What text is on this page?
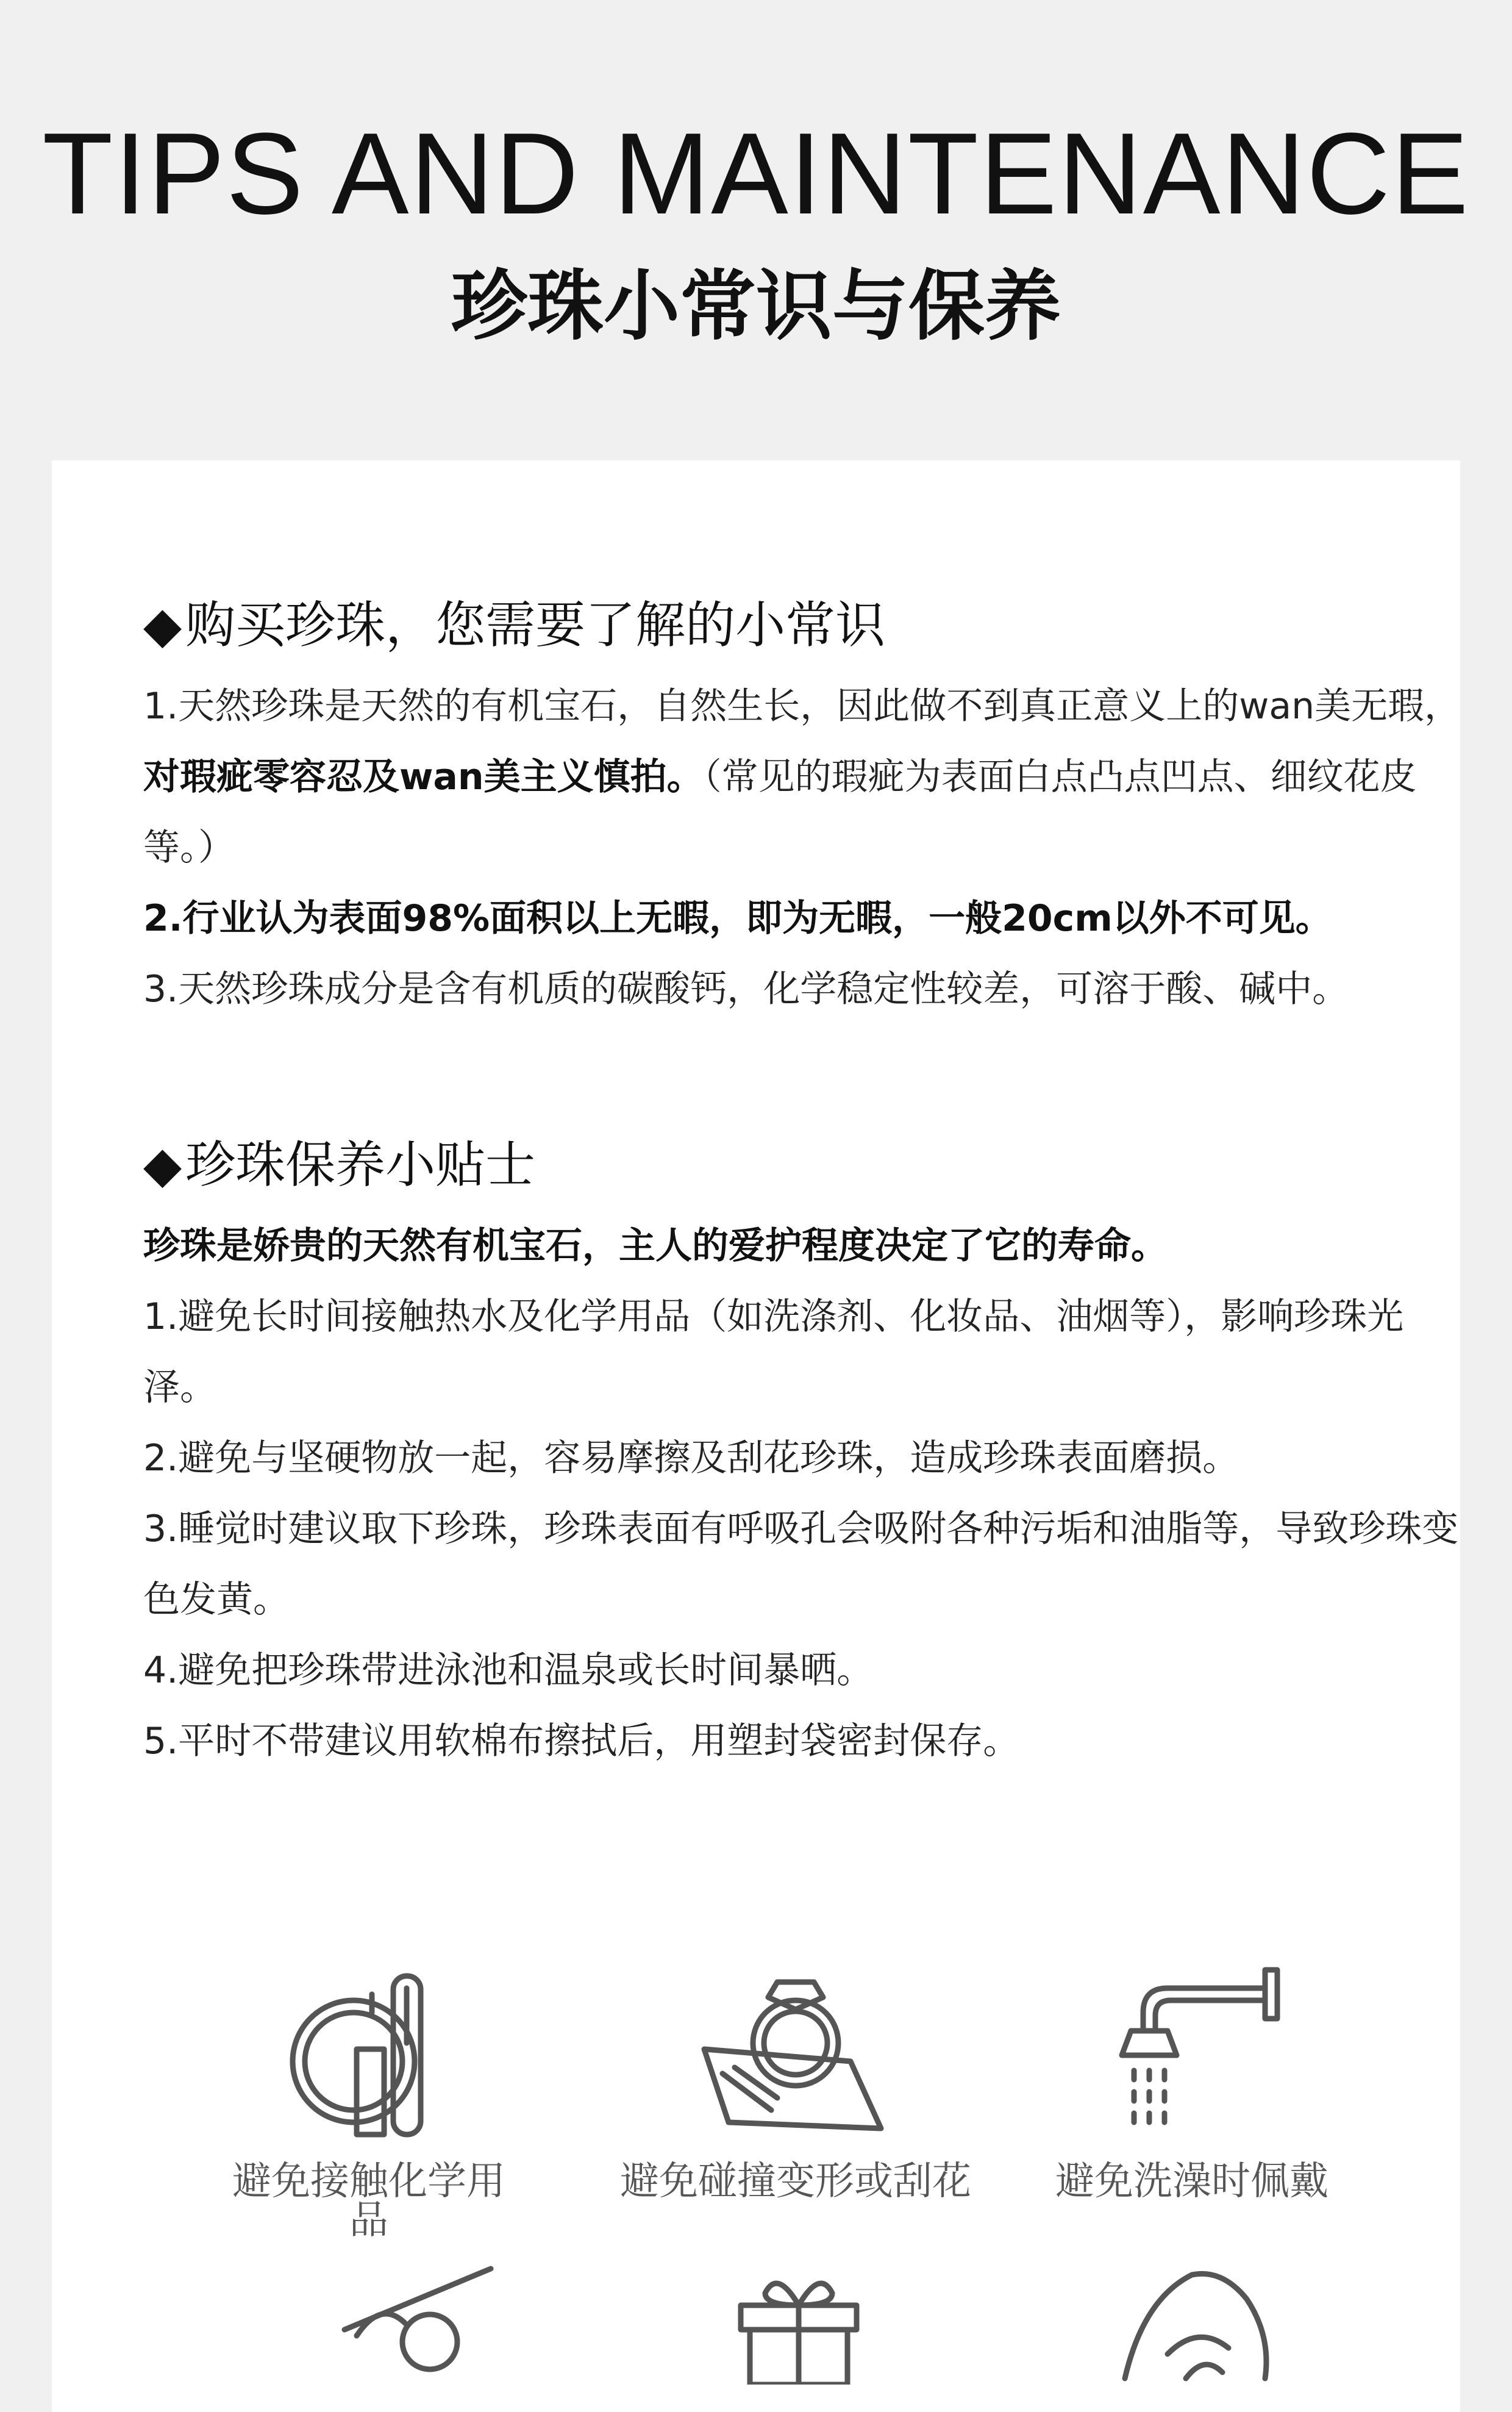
TIPS AND MAINTENANCE
珍珠小常识与保养
◆购买珍珠，您需要了解的小常识

1.天然珍珠是天然的有机宝石，自然生长，因此做不到真正意义上的wan美无瑕，对瑕疵零容忍及wan美主义慎拍。（常见的瑕疵为表面白点凸点凹点、细纹花皮等。）

2.行业认为表面98%面积以上无暇，即为无暇，一般20cm以外不可见。

3.天然珍珠成分是含有机质的碳酸钙，化学稳定性较差，可溶于酸、碱中。

◆珍珠保养小贴士

珍珠是娇贵的天然有机宝石，主人的爱护程度决定了它的寿命。

1.避免长时间接触热水及化学用品（如洗涤剂、化妆品、油烟等），影响珍珠光泽。

2.避免与坚硬物放一起，容易摩擦及刮花珍珠，造成珍珠表面磨损。

3.睡觉时建议取下珍珠，珍珠表面有呼吸孔会吸附各种污垢和油脂等，导致珍珠变色发黄。

4.避免把珍珠带进泳池和温泉或长时间暴晒。

5.平时不带建议用软棉布擦拭后，用塑封袋密封保存。

避免接触化学用品
避免碰撞变形或刮花	避免洗澡时佩戴
